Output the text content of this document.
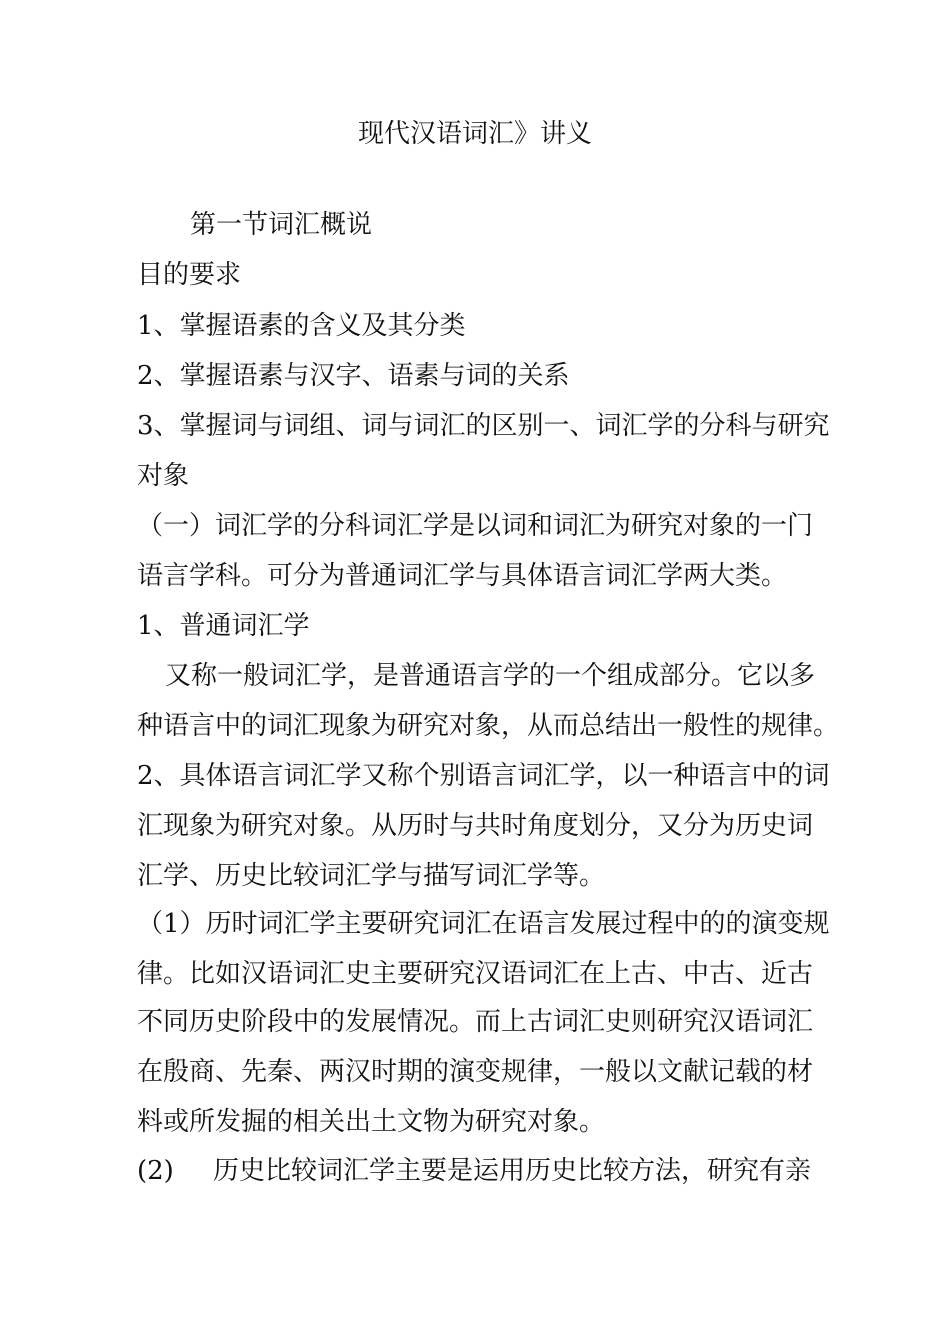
现代汉语词汇》讲义
第一节词汇概说
目的要求
1、掌握语素的含义及其分类
2、掌握语素与汉字、语素与词的关系
3、掌握词与词组、词与词汇的区别一、词汇学的分科与研究
对象
（一）词汇学的分科词汇学是以词和词汇为研究对象的一门
语言学科。可分为普通词汇学与具体语言词汇学两大类。
1、普通词汇学
又称一般词汇学，是普通语言学的一个组成部分。它以多
种语言中的词汇现象为研究对象，从而总结出一般性的规律。
2、具体语言词汇学又称个别语言词汇学，以一种语言中的词
汇现象为研究对象。从历时与共时角度划分，又分为历史词
汇学、历史比较词汇学与描写词汇学等。
（1）历时词汇学主要研究词汇在语言发展过程中的的演变规
律。比如汉语词汇史主要研究汉语词汇在上古、中古、近古
不同历史阶段中的发展情况。而上古词汇史则研究汉语词汇
在殷商、先秦、两汉时期的演变规律，一般以文献记载的材
料或所发掘的相关出土文物为研究对象。
(2) 历史比较词汇学主要是运用历史比较方法，研究有亲
